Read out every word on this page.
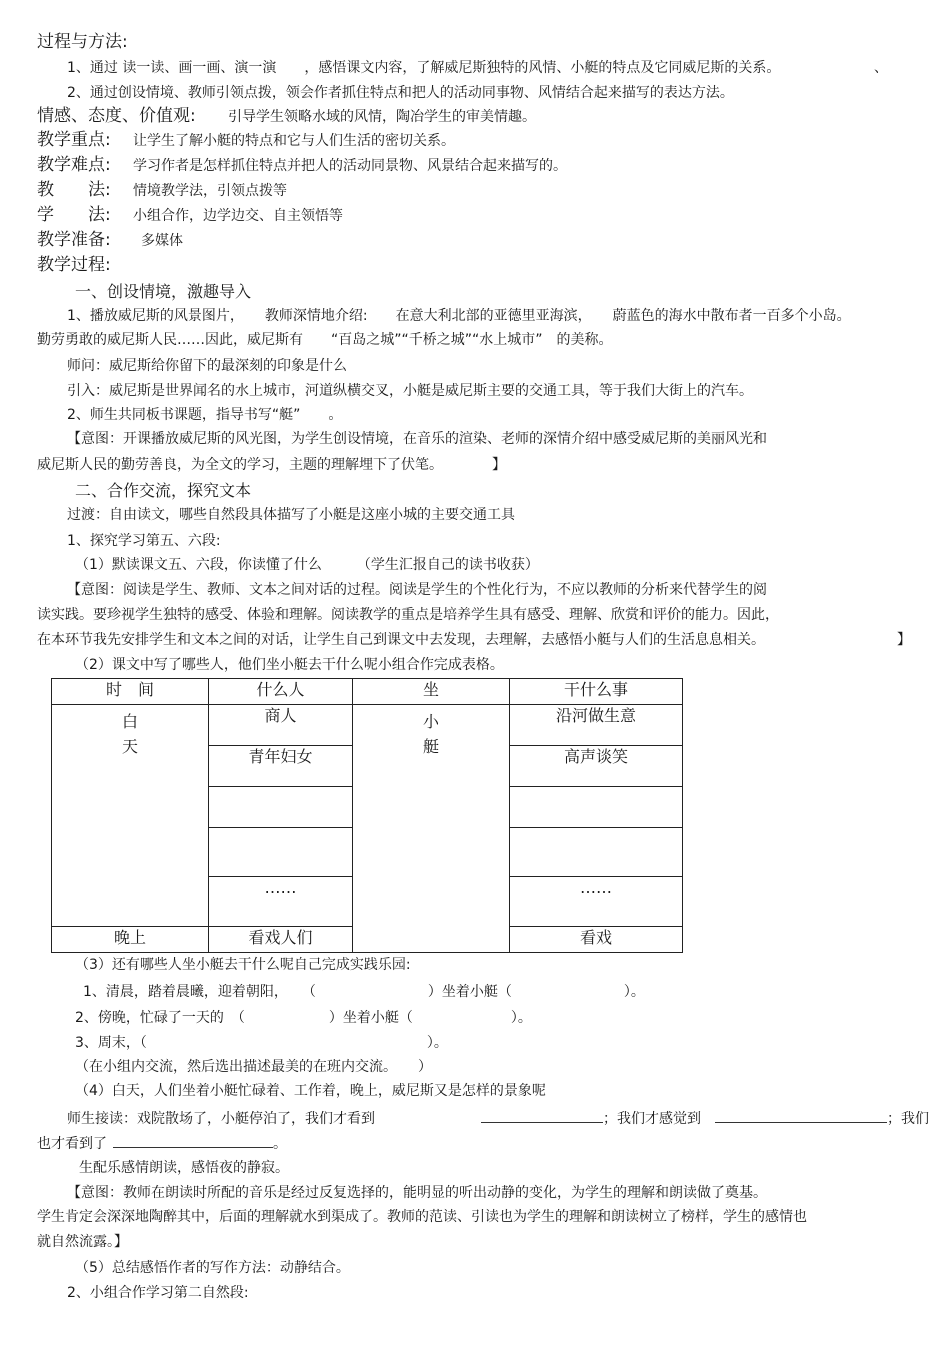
过程与方法:
1、通过 读一读、画一画、演一演　　，感悟课文内容，了解威尼斯独特的风情、小艇的特点及它同威尼斯的关系。	、
2、通过创设情境、教师引领点拨，领会作者抓住特点和把人的活动同事物、风情结合起来描写的表达方法。
情感、态度、价值观: 引导学生领略水域的风情，陶冶学生的审美情趣。
教学重点: 让学生了解小艇的特点和它与人们生活的密切关系。
教学难点: 学习作者是怎样抓住特点并把人的活动同景物、风景结合起来描写的。
教　　法: 情境教学法，引领点拨等
学　　法: 小组合作，边学边交、自主领悟等
教学准备: 多媒体
教学过程:
一、创设情境，激趣导入
1、播放威尼斯的风景图片，　　教师深情地介绍:　　在意大利北部的亚德里亚海滨，　　蔚蓝色的海水中散布者一百多个小岛。
勤劳勇敢的威尼斯人民……因此，威尼斯有　　“百岛之城”“千桥之城”“水上城市”　的美称。
师问：威尼斯给你留下的最深刻的印象是什么
引入：威尼斯是世界闻名的水上城市，河道纵横交叉，小艇是威尼斯主要的交通工具，等于我们大街上的汽车。
2、师生共同板书课题，指导书写“艇”　　。
【意图：开课播放威尼斯的风光图，为学生创设情境，在音乐的渲染、老师的深情介绍中感受威尼斯的美丽风光和
威尼斯人民的勤劳善良，为全文的学习，主题的理解埋下了伏笔。　　　　】
二、合作交流，探究文本
过渡：自由读文，哪些自然段具体描写了小艇是这座小城的主要交通工具
1、探究学习第五、六段:
（1）默读课文五、六段，你读懂了什么　　　（学生汇报自己的读书收获）
【意图：阅读是学生、教师、文本之间对话的过程。阅读是学生的个性化行为，不应以教师的分析来代替学生的阅
读实践。要珍视学生独特的感受、体验和理解。阅读教学的重点是培养学生具有感受、理解、欣赏和评价的能力。因此，
在本环节我先安排学生和文本之间的对话，让学生自己到课文中去发现，去理解，去感悟小艇与人们的生活息息相关。	】
（2）课文中写了哪些人，他们坐小艇去干什么呢小组合作完成表格。
时　间	什么人	坐	干什么事

白天	商人	小艇	沿河做生意
	青年妇女		高声谈笑

	……		……
晚上	看戏人们		看戏
（3）还有哪些人坐小艇去干什么呢自己完成实践乐园:
1、清晨，踏着晨曦，迎着朝阳，　　（　　　　　　　　）坐着小艇（　　　　　　　　）。
2、傍晚，忙碌了一天的　（　　　　　　）坐着小艇（　　　　　　　）。
3、周末，（　　　　　　　　　　　　　　　　　　　　）。
（在小组内交流，然后选出描述最美的在班内交流。　　）
（4）白天，人们坐着小艇忙碌着、工作着，晚上，威尼斯又是怎样的景象呢
师生接读：戏院散场了，小艇停泊了，我们才看到	；我们才感觉到	；我们
也才看到了	。
生配乐感情朗读，感悟夜的静寂。
【意图：教师在朗读时所配的音乐是经过反复选择的，能明显的听出动静的变化，为学生的理解和朗读做了奠基。
学生肯定会深深地陶醉其中，后面的理解就水到渠成了。教师的范读、引读也为学生的理解和朗读树立了榜样，学生的感情也
就自然流露。】
（5）总结感悟作者的写作方法：动静结合。
2、小组合作学习第二自然段:
